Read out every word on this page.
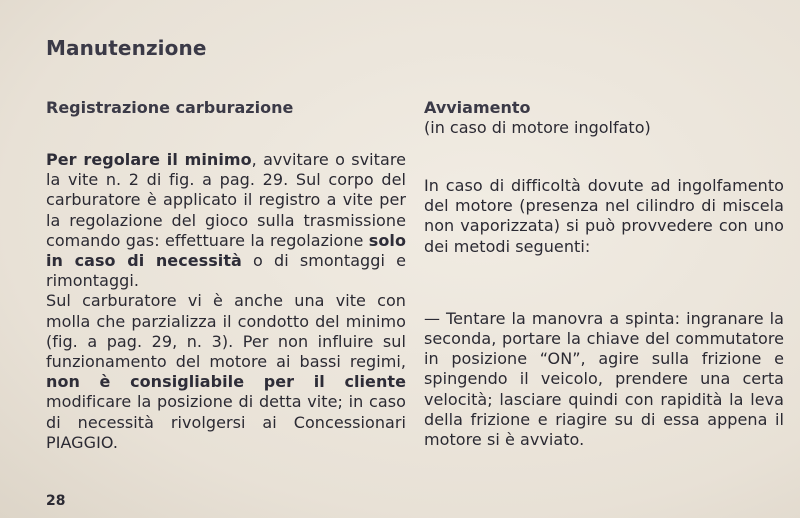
Manutenzione
Registrazione carburazione
Per regolare il minimo, avvitare o svitare la vite n. 2 di fig. a pag. 29. Sul corpo del carburatore è applicato il registro a vite per la regolazione del gioco sulla trasmissione comando gas: effettuare la regolazione solo in caso di necessità o di smontaggi e rimontaggi.
Sul carburatore vi è anche una vite con molla che parzializza il condotto del minimo (fig. a pag. 29, n. 3). Per non influire sul funzionamento del motore ai bassi regimi, non è consigliabile per il cliente modificare la posizione di detta vite; in caso di necessità rivolgersi ai Concessionari PIAGGIO.
Avviamento
(in caso di motore ingolfato)
In caso di difficoltà dovute ad ingolfamento del motore (presenza nel cilindro di miscela non vaporizzata) si può provvedere con uno dei metodi seguenti:
— Tentare la manovra a spinta: ingranare la seconda, portare la chiave del commutatore in posizione “ON”, agire sulla frizione e spingendo il veicolo, prendere una certa velocità; lasciare quindi con rapidità la leva della frizione e riagire su di essa appena il motore si è avviato.
28
